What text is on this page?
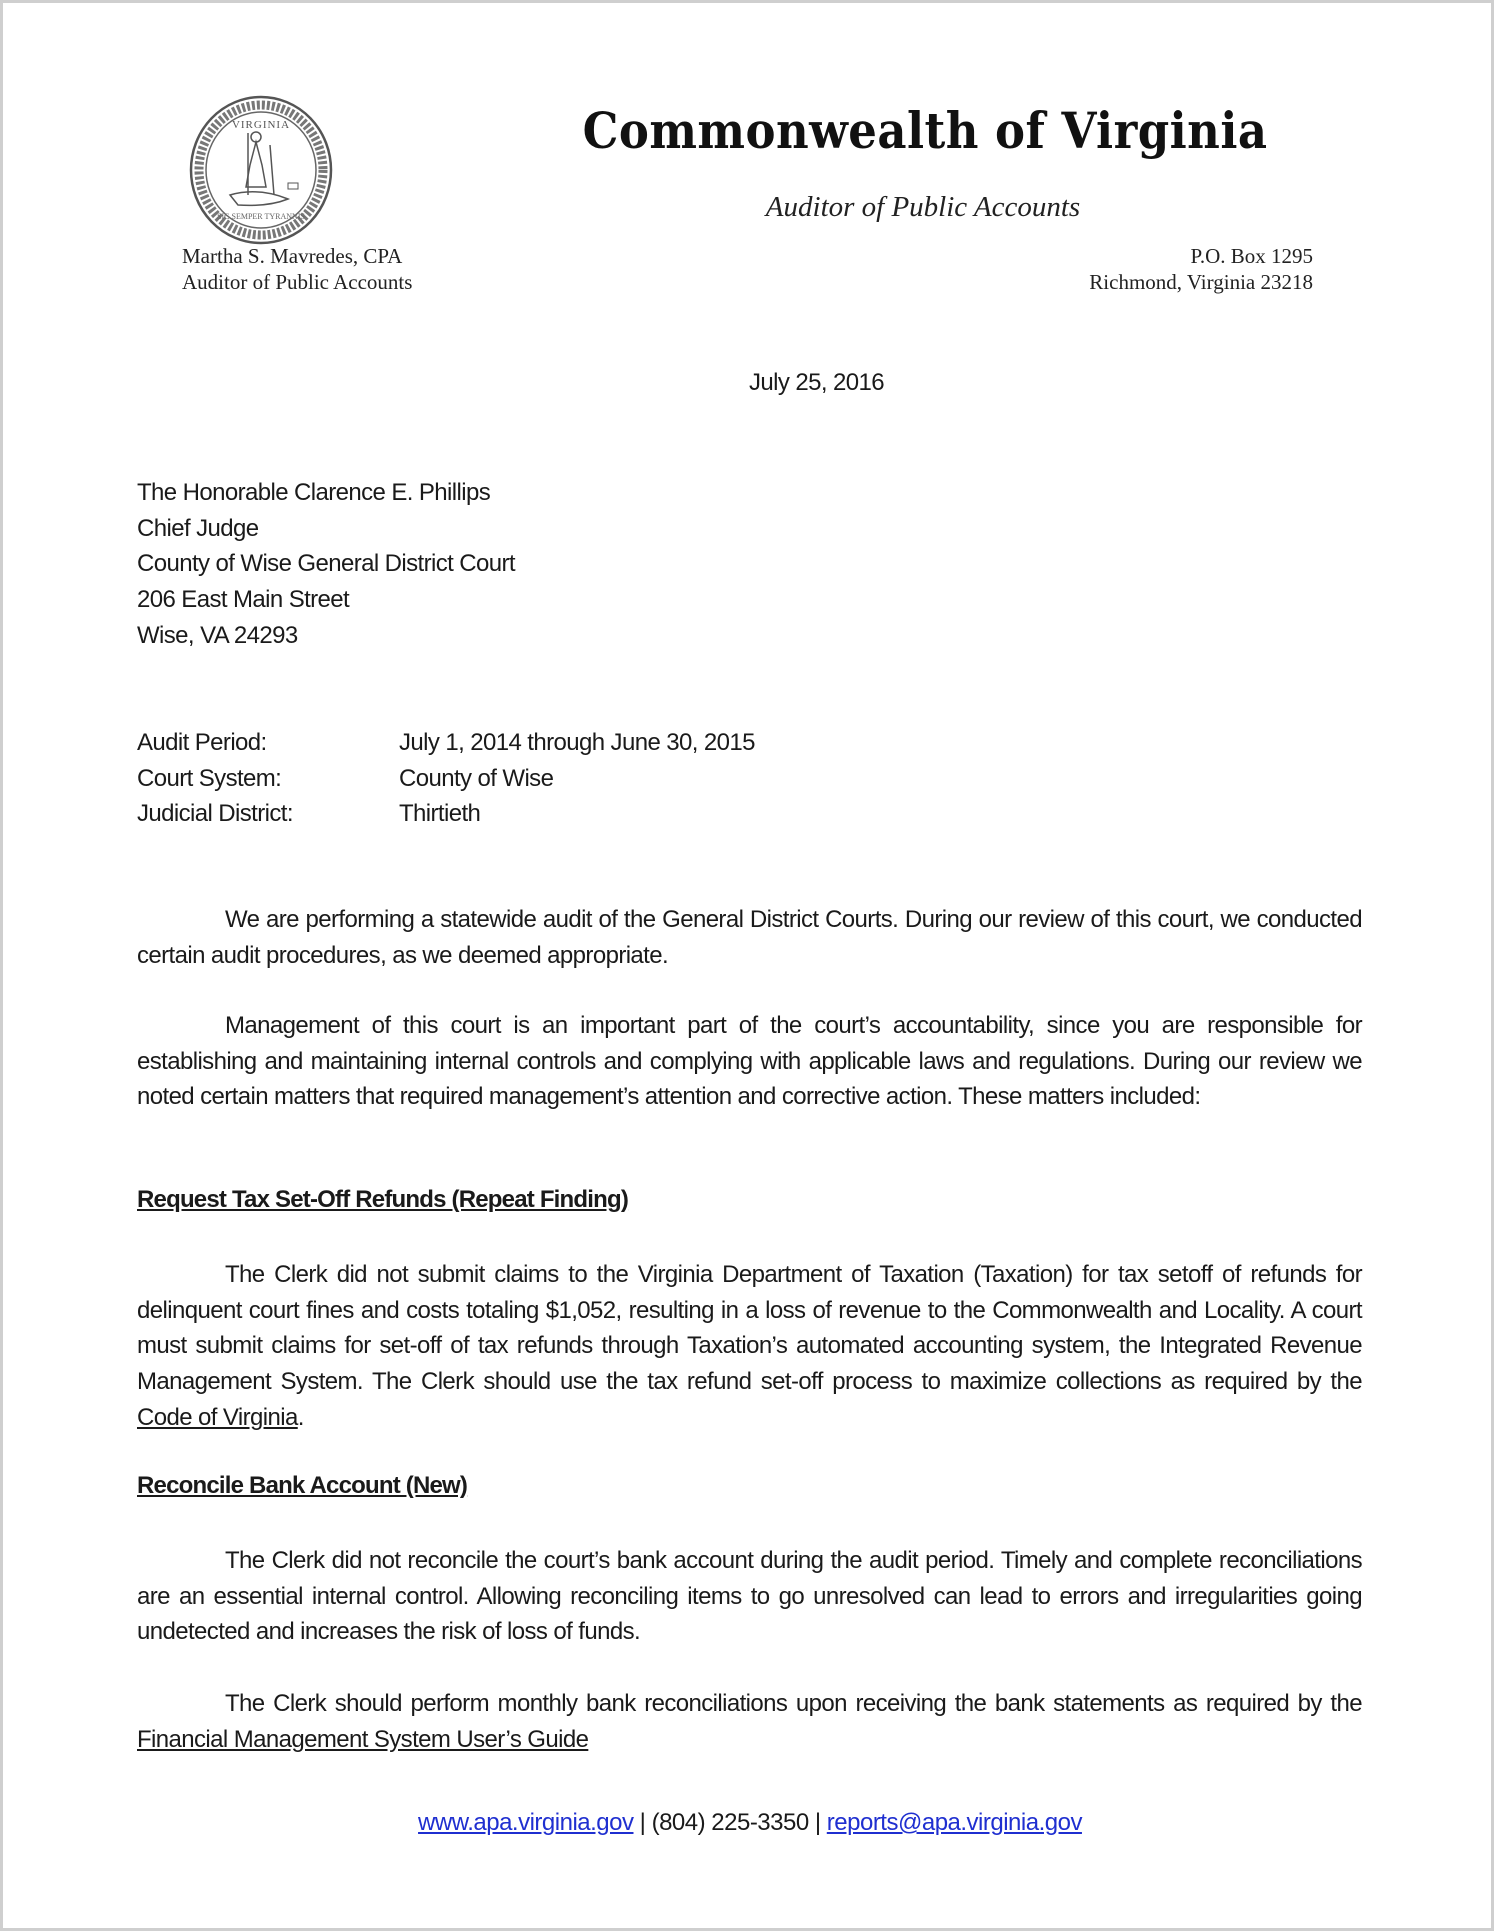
VIRGINIA
SIC SEMPER TYRANNIS
Commonwealth of Virginia
Auditor of Public Accounts
Martha S. Mavredes, CPA
Auditor of Public Accounts
P.O. Box 1295
Richmond, Virginia 23218
July 25, 2016
The Honorable Clarence E. Phillips
Chief Judge
County of Wise General District Court
206 East Main Street
Wise, VA 24293
Audit Period:	July 1, 2014 through June 30, 2015
Court System:	County of Wise
Judicial District:	Thirtieth
We are performing a statewide audit of the General District Courts. During our review of this court, we conducted certain audit procedures, as we deemed appropriate.
Management of this court is an important part of the court’s accountability, since you are responsible for establishing and maintaining internal controls and complying with applicable laws and regulations. During our review we noted certain matters that required management’s attention and corrective action. These matters included:
Request Tax Set-Off Refunds (Repeat Finding)
The Clerk did not submit claims to the Virginia Department of Taxation (Taxation) for tax setoff of refunds for delinquent court fines and costs totaling $1,052, resulting in a loss of revenue to the Commonwealth and Locality. A court must submit claims for set-off of tax refunds through Taxation’s automated accounting system, the Integrated Revenue Management System. The Clerk should use the tax refund set-off process to maximize collections as required by the Code of Virginia.
Reconcile Bank Account (New)
The Clerk did not reconcile the court’s bank account during the audit period. Timely and complete reconciliations are an essential internal control. Allowing reconciling items to go unresolved can lead to errors and irregularities going undetected and increases the risk of loss of funds.
The Clerk should perform monthly bank reconciliations upon receiving the bank statements as required by the Financial Management System User’s Guide
www.apa.virginia.gov | (804) 225-3350 | reports@apa.virginia.gov
